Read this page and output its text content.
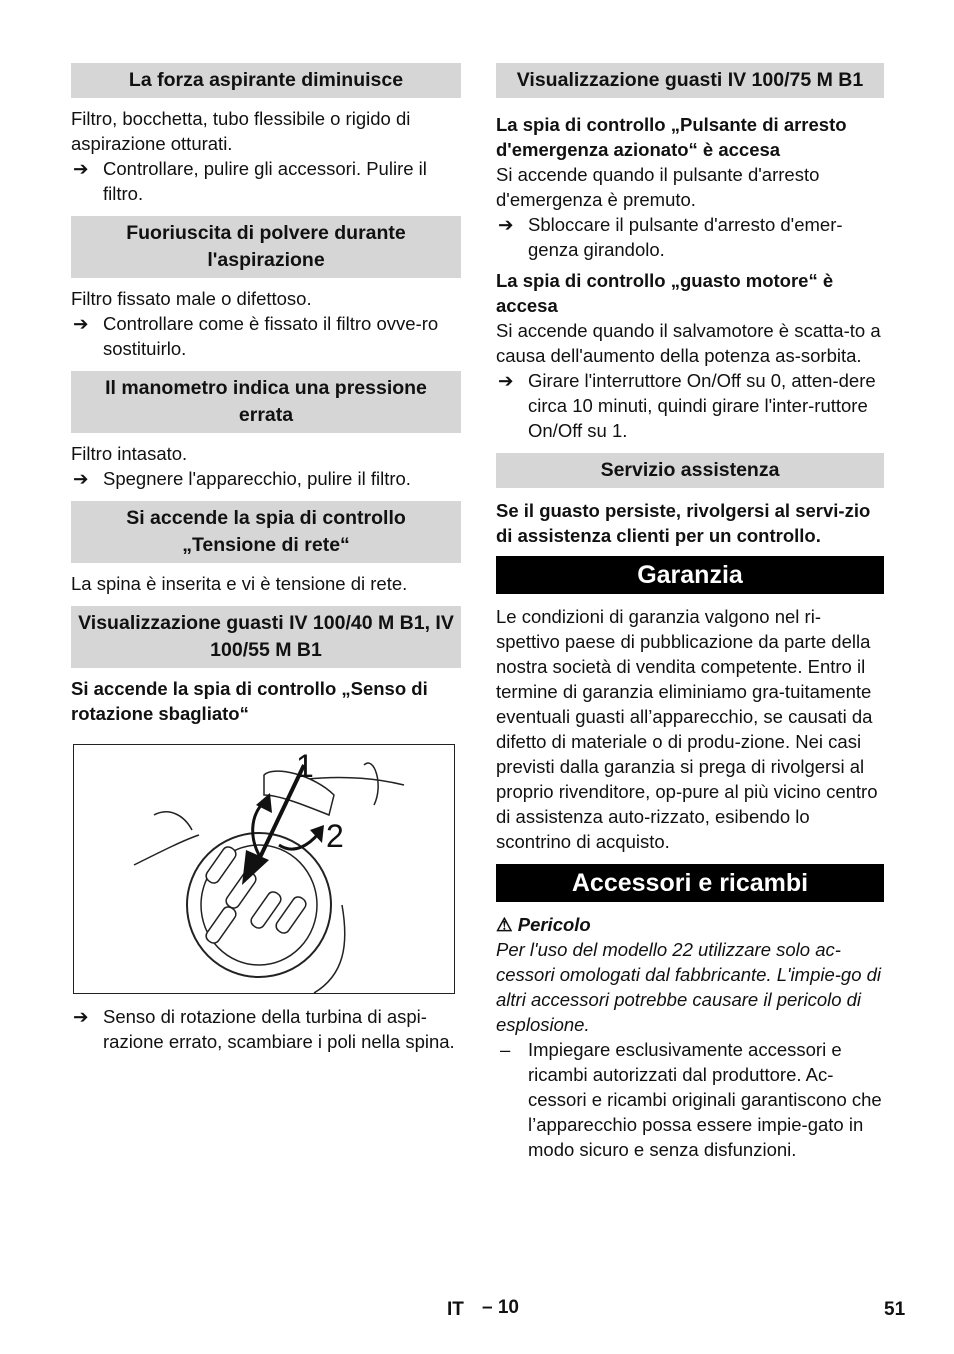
La forza aspirante diminuisce

Filtro, bocchetta, tubo flessibile o rigido di aspirazione otturati.

➔ Controllare, pulire gli accessori. Pulire il filtro.

Fuoriuscita di polvere durante l'aspirazione

Filtro fissato male o difettoso.

➔ Controllare come è fissato il filtro ovve-ro sostituirlo.

Il manometro indica una pressione errata

Filtro intasato.

➔ Spegnere l'apparecchio, pulire il filtro.

Si accende la spia di controllo „Tensione di rete“

La spina è inserita e vi è tensione di rete.

Visualizzazione guasti IV 100/40 M B1, IV 100/55 M B1

Si accende la spia di controllo „Senso di rotazione sbagliato“

1
2

➔ Senso di rotazione della turbina di aspi-razione errato, scambiare i poli nella spina.

Visualizzazione guasti IV 100/75 M B1

La spia di controllo „Pulsante di arresto d'emergenza azionato“ è accesa

Si accende quando il pulsante d'arresto d'emergenza è premuto.

➔ Sbloccare il pulsante d'arresto d'emer-genza girandolo.

La spia di controllo „guasto motore“ è accesa

Si accende quando il salvamotore è scatta-to a causa dell'aumento della potenza as-sorbita.

➔ Girare l'interruttore On/Off su 0, atten-dere circa 10 minuti, quindi girare l'inter-ruttore On/Off su 1.

Servizio assistenza

Se il guasto persiste, rivolgersi al servi-zio di assistenza clienti per un controllo.

Garanzia

Le condizioni di garanzia valgono nel ri-spettivo paese di pubblicazione da parte della nostra società di vendita competente. Entro il termine di garanzia eliminiamo gra-tuitamente eventuali guasti all’apparecchio, se causati da difetto di materiale o di produ-zione. Nei casi previsti dalla garanzia si prega di rivolgersi al proprio rivenditore, op-pure al più vicino centro di assistenza auto-rizzato, esibendo lo scontrino di acquisto.

Accessori e ricambi

⚠ Pericolo

Per l'uso del modello 22 utilizzare solo ac-cessori omologati dal fabbricante. L'impie-go di altri accessori potrebbe causare il pericolo di esplosione.

– Impiegare esclusivamente accessori e ricambi autorizzati dal produttore. Ac-cessori e ricambi originali garantiscono che l’apparecchio possa essere impie-gato in modo sicuro e senza disfunzioni.

IT – 10	51
